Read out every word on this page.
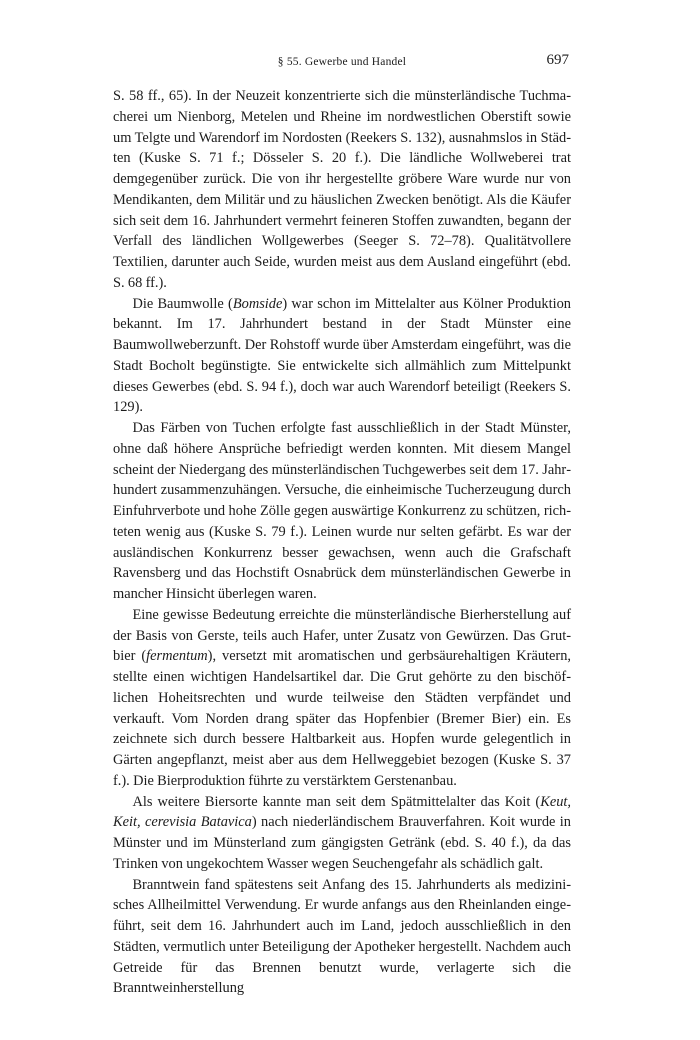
§ 55. Gewerbe und Handel	697

S. 58 ff., 65). In der Neuzeit konzentrierte sich die münsterländische Tuchmacherei um Nienborg, Metelen und Rheine im nordwestlichen Oberstift sowie um Telgte und Warendorf im Nordosten (Reekers S. 132), ausnahmslos in Städten (Kuske S. 71 f.; Dösseler S. 20 f.). Die ländliche Wollweberei trat demgegenüber zurück. Die von ihr hergestellte gröbere Ware wurde nur von Mendikanten, dem Militär und zu häuslichen Zwecken benötigt. Als die Käufer sich seit dem 16. Jahrhundert vermehrt feineren Stoffen zuwandten, begann der Verfall des ländlichen Wollgewerbes (Seeger S. 72–78). Qualitätvollere Textilien, darunter auch Seide, wurden meist aus dem Ausland eingeführt (ebd. S. 68 ff.).

Die Baumwolle (Bomside) war schon im Mittelalter aus Kölner Produktion bekannt. Im 17. Jahrhundert bestand in der Stadt Münster eine Baumwollweberzunft. Der Rohstoff wurde über Amsterdam eingeführt, was die Stadt Bocholt begünstigte. Sie entwickelte sich allmählich zum Mittelpunkt dieses Gewerbes (ebd. S. 94 f.), doch war auch Warendorf beteiligt (Reekers S. 129).

Das Färben von Tuchen erfolgte fast ausschließlich in der Stadt Münster, ohne daß höhere Ansprüche befriedigt werden konnten. Mit diesem Mangel scheint der Niedergang des münsterländischen Tuchgewerbes seit dem 17. Jahrhundert zusammenzuhängen. Versuche, die einheimische Tucherzeugung durch Einfuhrverbote und hohe Zölle gegen auswärtige Konkurrenz zu schützen, richteten wenig aus (Kuske S. 79 f.). Leinen wurde nur selten gefärbt. Es war der ausländischen Konkurrenz besser gewachsen, wenn auch die Grafschaft Ravensberg und das Hochstift Osnabrück dem münsterländischen Gewerbe in mancher Hinsicht überlegen waren.

Eine gewisse Bedeutung erreichte die münsterländische Bierherstellung auf der Basis von Gerste, teils auch Hafer, unter Zusatz von Gewürzen. Das Grutbier (fermentum), versetzt mit aromatischen und gerbsäurehaltigen Kräutern, stellte einen wichtigen Handelsartikel dar. Die Grut gehörte zu den bischöflichen Hoheitsrechten und wurde teilweise den Städten verpfändet und verkauft. Vom Norden drang später das Hopfenbier (Bremer Bier) ein. Es zeichnete sich durch bessere Haltbarkeit aus. Hopfen wurde gelegentlich in Gärten angepflanzt, meist aber aus dem Hellweggebiet bezogen (Kuske S. 37 f.). Die Bierproduktion führte zu verstärktem Gerstenanbau.

Als weitere Biersorte kannte man seit dem Spätmittelalter das Koit (Keut, Keit, cerevisia Batavica) nach niederländischem Brauverfahren. Koit wurde in Münster und im Münsterland zum gängigsten Getränk (ebd. S. 40 f.), da das Trinken von ungekochtem Wasser wegen Seuchengefahr als schädlich galt.

Branntwein fand spätestens seit Anfang des 15. Jahrhunderts als medizinisches Allheilmittel Verwendung. Er wurde anfangs aus den Rheinlanden eingeführt, seit dem 16. Jahrhundert auch im Land, jedoch ausschließlich in den Städten, vermutlich unter Beteiligung der Apotheker hergestellt. Nachdem auch Getreide für das Brennen benutzt wurde, verlagerte sich die Branntweinherstellung
